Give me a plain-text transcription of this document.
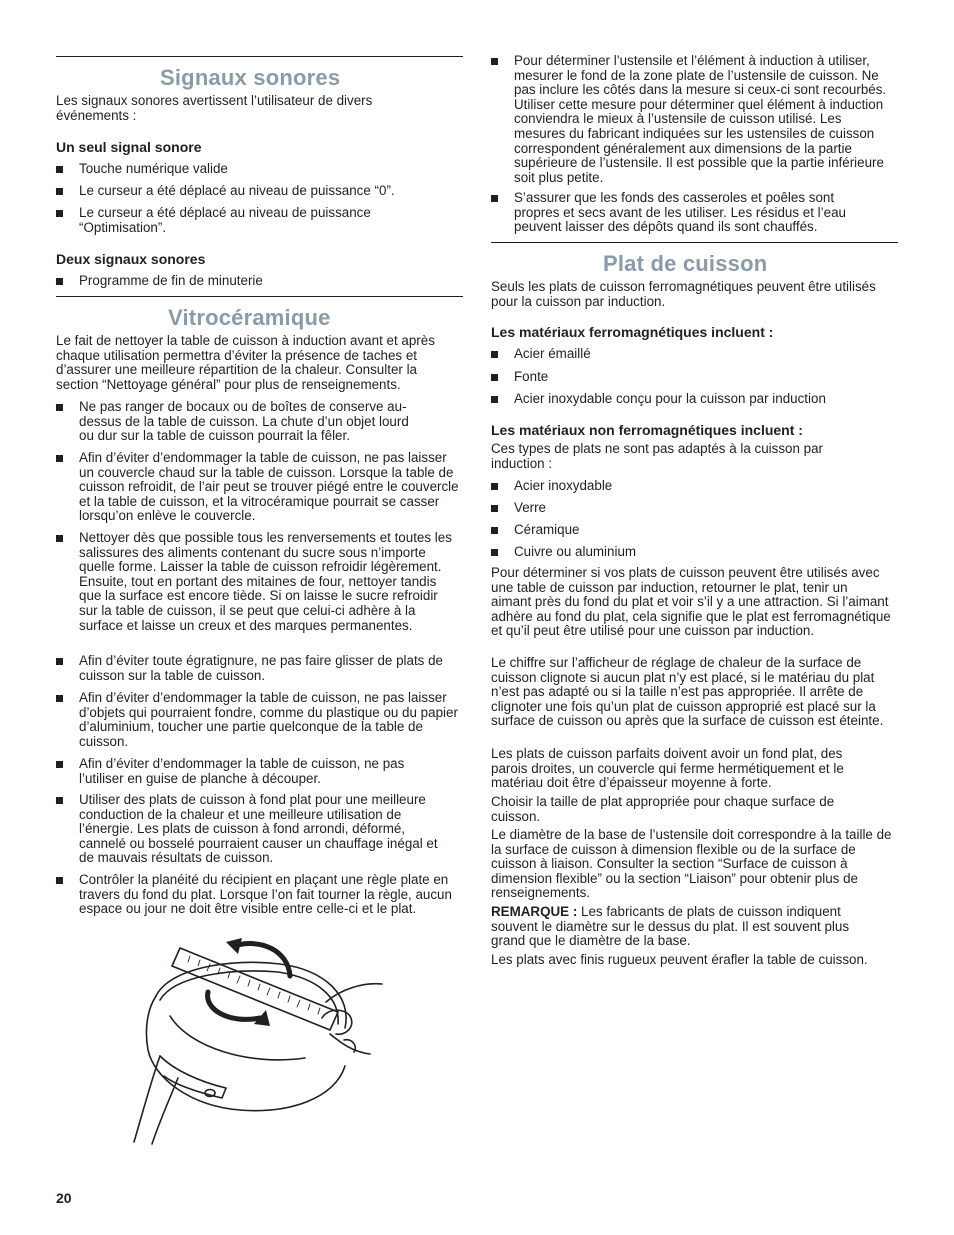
Signaux sonores

Les signaux sonores avertissent l’utilisateur de divers événements :

Un seul signal sonore

Touche numérique valide

Le curseur a été déplacé au niveau de puissance “0”.

Le curseur a été déplacé au niveau de puissance “Optimisation”.

Deux signaux sonores

Programme de fin de minuterie

Vitrocéramique

Le fait de nettoyer la table de cuisson à induction avant et après chaque utilisation permettra d’éviter la présence de taches et d’assurer une meilleure répartition de la chaleur. Consulter la section “Nettoyage général” pour plus de renseignements.

Ne pas ranger de bocaux ou de boîtes de conserve au-dessus de la table de cuisson. La chute d’un objet lourd ou dur sur la table de cuisson pourrait la fêler.

Afin d’éviter d’endommager la table de cuisson, ne pas laisser un couvercle chaud sur la table de cuisson. Lorsque la table de cuisson refroidit, de l’air peut se trouver piégé entre le couvercle et la table de cuisson, et la vitrocéramique pourrait se casser lorsqu’on enlève le couvercle.

Nettoyer dès que possible tous les renversements et toutes les salissures des aliments contenant du sucre sous n’importe quelle forme. Laisser la table de cuisson refroidir légèrement. Ensuite, tout en portant des mitaines de four, nettoyer tandis que la surface est encore tiède. Si on laisse le sucre refroidir sur la table de cuisson, il se peut que celui-ci adhère à la surface et laisse un creux et des marques permanentes.

Afin d’éviter toute égratignure, ne pas faire glisser de plats de cuisson sur la table de cuisson.

Afin d’éviter d’endommager la table de cuisson, ne pas laisser d’objets qui pourraient fondre, comme du plastique ou du papier d’aluminium, toucher une partie quelconque de la table de cuisson.

Afin d’éviter d’endommager la table de cuisson, ne pas l’utiliser en guise de planche à découper.

Utiliser des plats de cuisson à fond plat pour une meilleure conduction de la chaleur et une meilleure utilisation de l’énergie. Les plats de cuisson à fond arrondi, déformé, cannelé ou bosselé pourraient causer un chauffage inégal et de mauvais résultats de cuisson.

Contrôler la planéité du récipient en plaçant une règle plate en travers du fond du plat. Lorsque l’on fait tourner la règle, aucun espace ou jour ne doit être visible entre celle-ci et le plat.

Pour déterminer l’ustensile et l’élément à induction à utiliser, mesurer le fond de la zone plate de l’ustensile de cuisson. Ne pas inclure les côtés dans la mesure si ceux-ci sont recourbés. Utiliser cette mesure pour déterminer quel élément à induction conviendra le mieux à l’ustensile de cuisson utilisé. Les mesures du fabricant indiquées sur les ustensiles de cuisson correspondent généralement aux dimensions de la partie supérieure de l’ustensile. Il est possible que la partie inférieure soit plus petite.

S’assurer que les fonds des casseroles et poêles sont propres et secs avant de les utiliser. Les résidus et l’eau peuvent laisser des dépôts quand ils sont chauffés.

Plat de cuisson

Seuls les plats de cuisson ferromagnétiques peuvent être utilisés pour la cuisson par induction.

Les matériaux ferromagnétiques incluent :

Acier émaillé

Fonte

Acier inoxydable conçu pour la cuisson par induction

Les matériaux non ferromagnétiques incluent :

Ces types de plats ne sont pas adaptés à la cuisson par induction :

Acier inoxydable

Verre

Céramique

Cuivre ou aluminium

Pour déterminer si vos plats de cuisson peuvent être utilisés avec une table de cuisson par induction, retourner le plat, tenir un aimant près du fond du plat et voir s’il y a une attraction. Si l’aimant adhère au fond du plat, cela signifie que le plat est ferromagnétique et qu’il peut être utilisé pour une cuisson par induction.

Le chiffre sur l’afficheur de réglage de chaleur de la surface de cuisson clignote si aucun plat n’y est placé, si le matériau du plat n’est pas adapté ou si la taille n’est pas appropriée. Il arrête de clignoter une fois qu’un plat de cuisson approprié est placé sur la surface de cuisson ou après que la surface de cuisson est éteinte.

Les plats de cuisson parfaits doivent avoir un fond plat, des parois droites, un couvercle qui ferme hermétiquement et le matériau doit être d’épaisseur moyenne à forte.

Choisir la taille de plat appropriée pour chaque surface de cuisson.

Le diamètre de la base de l’ustensile doit correspondre à la taille de la surface de cuisson à dimension flexible ou de la surface de cuisson à liaison. Consulter la section “Surface de cuisson à dimension flexible” ou la section “Liaison” pour obtenir plus de renseignements.

REMARQUE : Les fabricants de plats de cuisson indiquent souvent le diamètre sur le dessus du plat. Il est souvent plus grand que le diamètre de la base.

Les plats avec finis rugueux peuvent érafler la table de cuisson.

20
